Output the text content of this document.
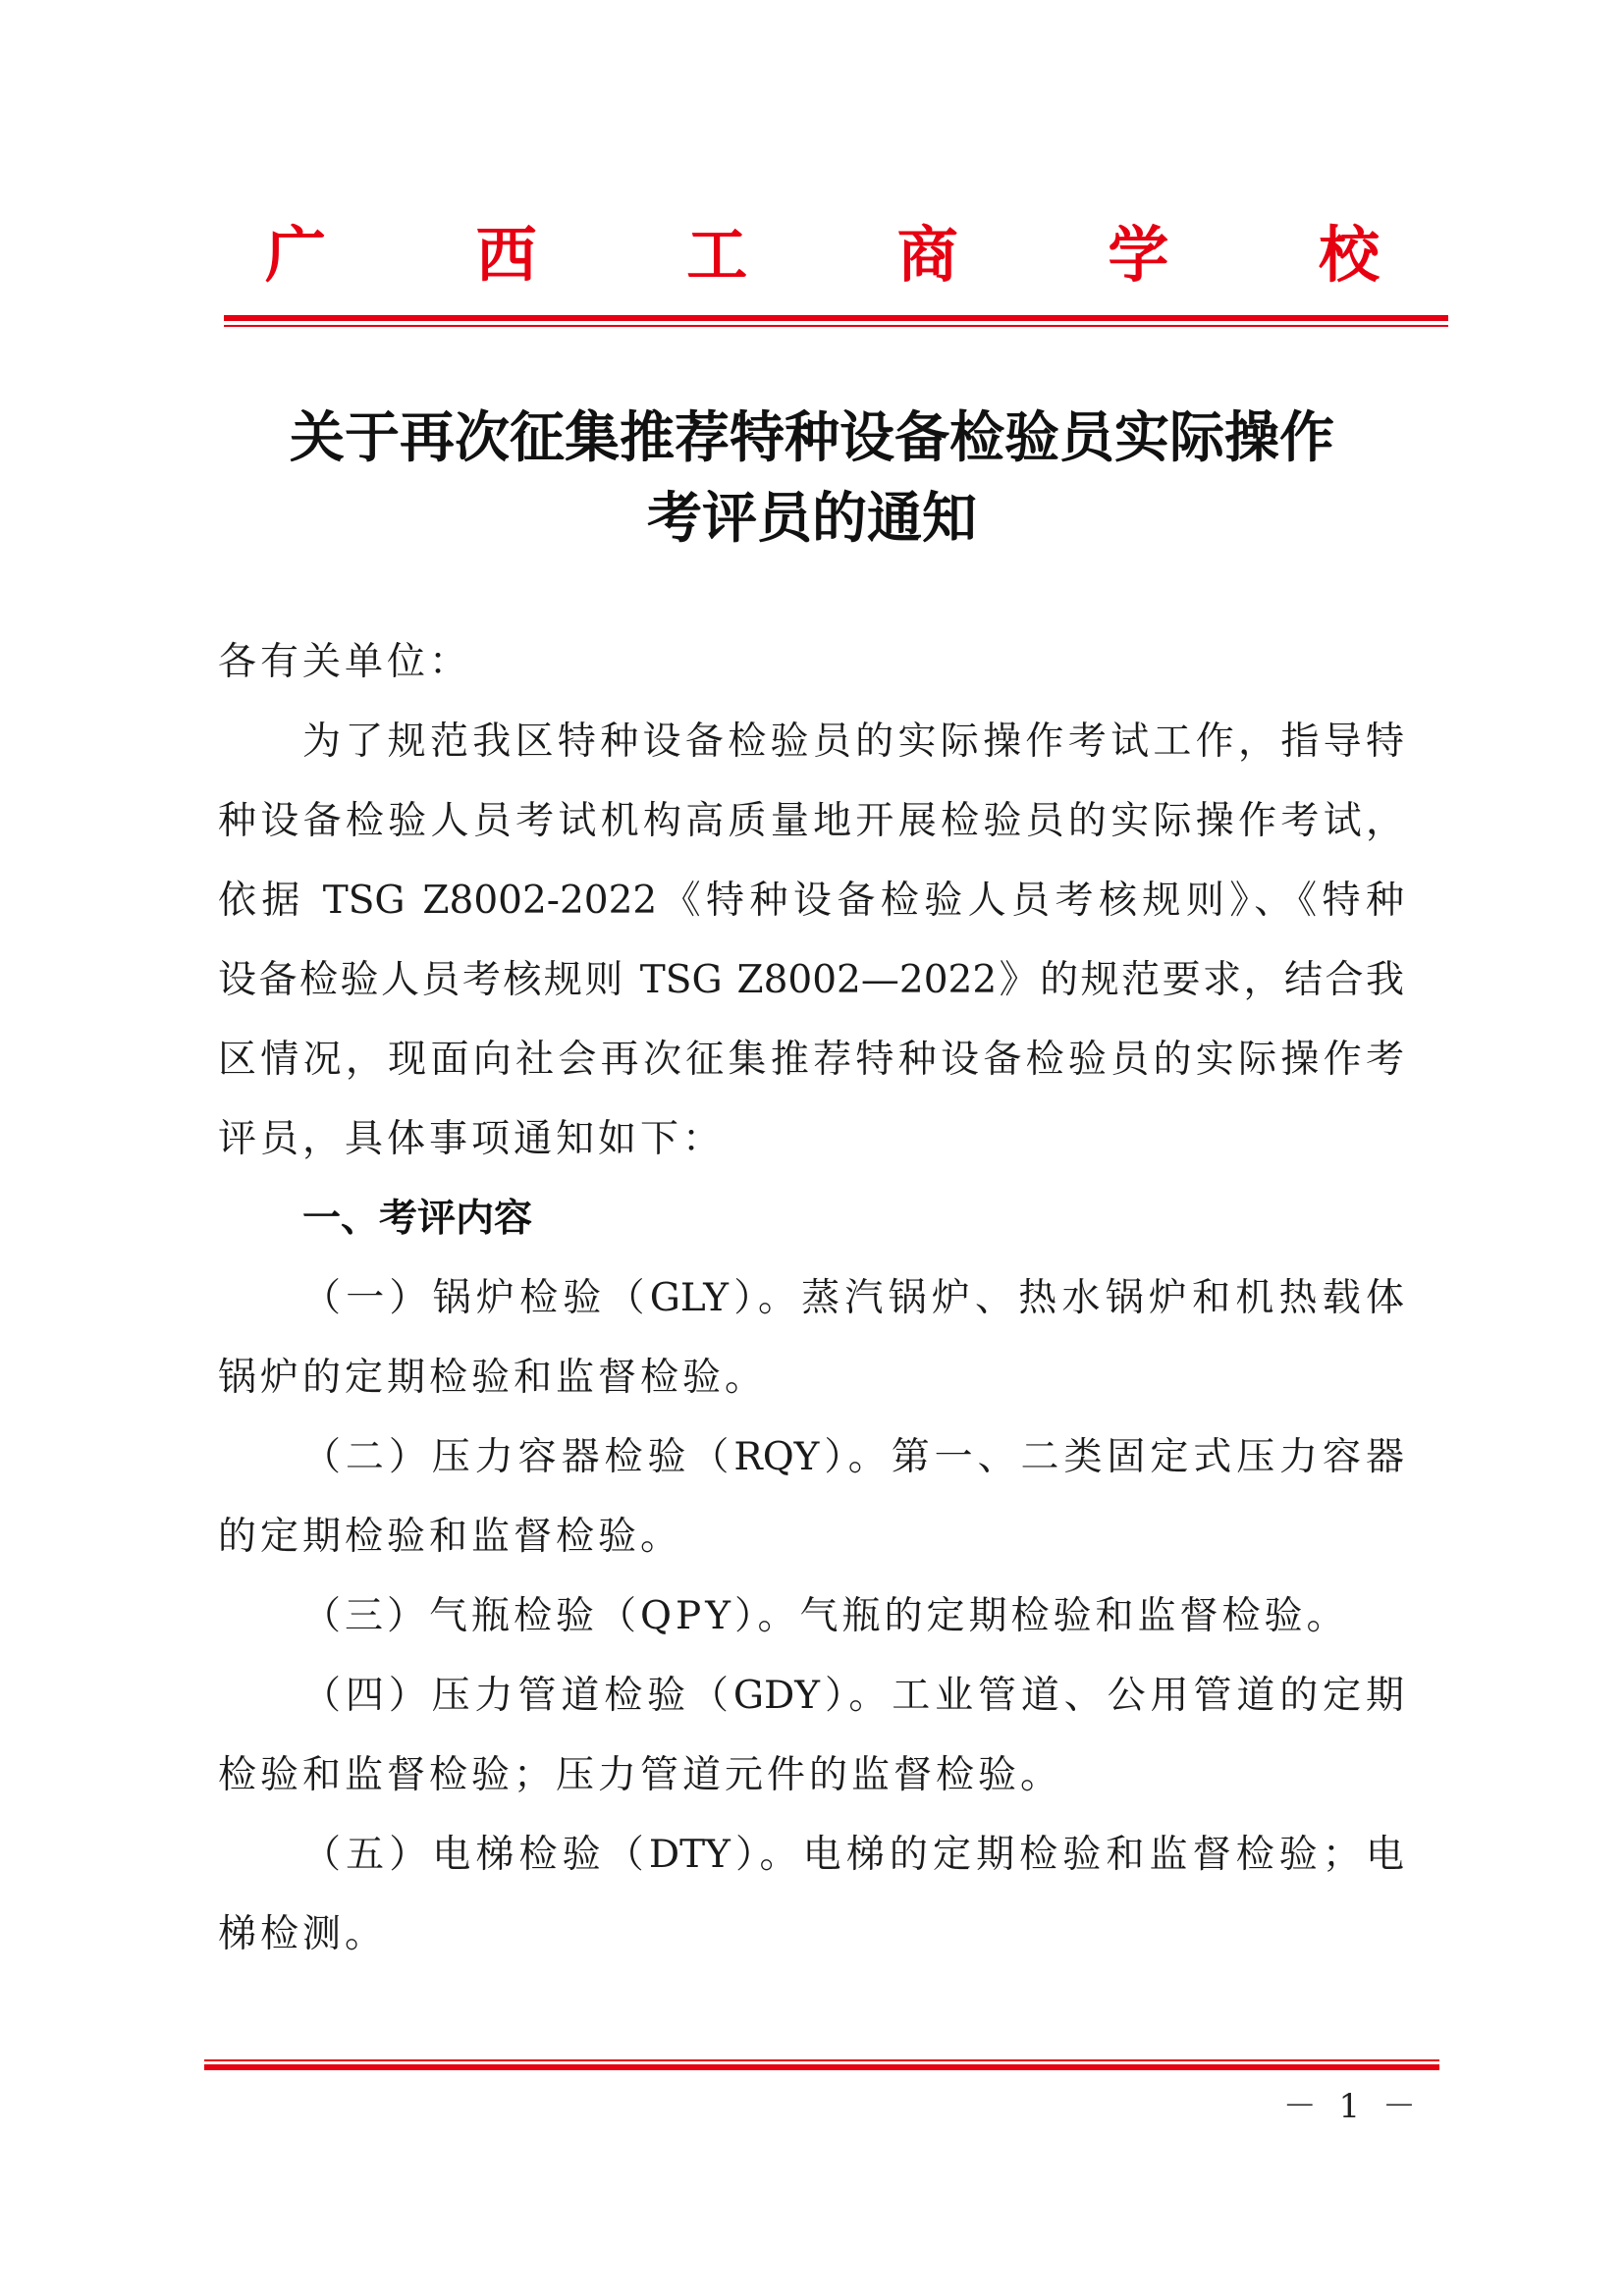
广 西 工 商 学 校
关于再次征集推荐特种设备检验员实际操作
考评员的通知
各有关单位：
为了规范我区特种设备检验员的实际操作考试工作，指导特
种设备检验人员考试机构高质量地开展检验员的实际操作考试，
依据 TSG Z8002-2022《特种设备检验人员考核规则》、《特种
设备检验人员考核规则 TSG Z8002—2022》的规范要求，结合我
区情况，现面向社会再次征集推荐特种设备检验员的实际操作考
评员，具体事项通知如下：
一、考评内容
（一）锅炉检验（GLY）。蒸汽锅炉、热水锅炉和机热载体
锅炉的定期检验和监督检验。
（二）压力容器检验（RQY）。第一、二类固定式压力容器
的定期检验和监督检验。
（三）气瓶检验（QPY）。气瓶的定期检验和监督检验。
（四）压力管道检验（GDY）。工业管道、公用管道的定期
检验和监督检验；压力管道元件的监督检验。
（五）电梯检验（DTY）。电梯的定期检验和监督检验；电
梯检测。
－ 1 －
